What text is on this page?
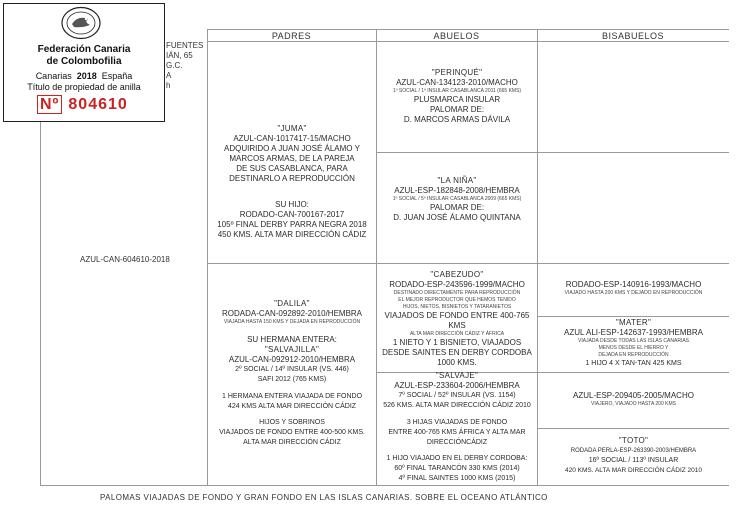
Federación Canaria
de Colombofilia
Canarias 2018 España
Título de propiedad de anilla
Nº 804610
FUENTES
IÁN, 65
G.C.
A
h
PADRES	ABUELOS	BISABUELOS
AZUL-CAN-604610-2018
"JUMA"
AZUL-CAN-1017417-15/MACHO
ADQUIRIDO A JUAN JOSÉ ÁLAMO Y
MARCOS ARMAS, DE LA PAREJA
DE SUS CASABLANCA, PARA
DESTINARLO A REPRODUCCIÓN
SU HIJO:
RODADO-CAN-700167-2017
105º FINAL DERBY PARRA NEGRA 2018
450 KMS. ALTA MAR DIRECCIÓN CÁDIZ
"DALILA"
RODADA-CAN-092892-2010/HEMBRA
VIAJADA HASTA 150 KMS Y DEJADA EN REPRODUCCIÓN
SU HERMANA ENTERA:
"SALVAJILLA"
AZUL-CAN-092912-2010/HEMBRA
2º SOCIAL / 14º INSULAR (VS. 446)
SAFI 2012 (765 KMS)
1 HERMANA ENTERA VIAJADA DE FONDO
424 KMS ALTA MAR DIRECCIÓN CÁDIZ
HIJOS Y SOBRINOS
VIAJADOS DE FONDO ENTRE 400-500 KMS.
ALTA MAR DIRECCIÓN CÁDIZ
"PERINQUÉ"
AZUL-CAN-134123-2010/MACHO
1º SOCIAL / 1º INSULAR CASABLANCA 2011 (665 KMS)
PLUSMARCA INSULAR
PALOMAR DE:
D. MARCOS ARMAS DÁVILA
"LA NIÑA"
AZUL-ESP-182848-2008/HEMBRA
1º SOCIAL / 5º INSULAR CASABLANCA 2009 (665 KMS)
PALOMAR DE:
D. JUAN JOSÉ ÁLAMO QUINTANA
"CABEZUDO"
RODADO-ESP-243596-1999/MACHO
DESTINADO DIRECTAMENTE PARA REPRODUCCIÓN
EL MEJOR REPRODUCTOR QUE HEMOS TENIDO
HIJOS, NIETOS, BISNIETOS Y TATARANIETOS
VIAJADOS DE FONDO ENTRE 400-765 KMS
ALTA MAR DIRECCIÓN CÁDIZ Y ÁFRICA
1 NIETO Y 1 BISNIETO, VIAJADOS
DESDE SAINTES EN DERBY CORDOBA
1000 KMS.
"SALVAJE"
AZUL-ESP-233604-2006/HEMBRA
7º SOCIAL / 52º INSULAR (VS. 1154)
526 KMS. ALTA MAR DIRECCIÓN CÁDIZ 2010
3 HIJAS VIAJADAS DE FONDO
ENTRE 400-765 KMS ÁFRICA Y ALTA MAR
DIRECCIÓNCÁDIZ
1 HIJO VIAJADO EN EL DERBY CORDOBA:
60º FINAL TARANCÓN 330 KMS (2014)
4º FINAL SAINTES 1000 KMS (2015)
RODADO-ESP-140916-1993/MACHO
VIAJADO HASTA 200 KMS Y DEJADO EN REPRODUCCIÓN
"MATER"
AZUL ALI-ESP-142637-1993/HEMBRA
VIAJADA DESDE TODAS LAS ISLAS CANARIAS
MENOS DESDE EL HIERRO Y
DEJADA EN REPRODUCCIÓN
1 HIJO 4 X TAN-TAN 425 KMS
AZUL-ESP-209405-2005/MACHO
VIAJERO, VIAJADO HASTA 200 KMS
"TOTO"
RODADA PERLA-ESP-263390-2003/HEMBRA
16º SOCIAL / 113º INSULAR
420 KMS. ALTA MAR DIRECCIÓN CÁDIZ 2010
PALOMAS VIAJADAS DE FONDO Y GRAN FONDO EN LAS ISLAS CANARIAS. SOBRE EL OCEANO ATLÁNTICO
